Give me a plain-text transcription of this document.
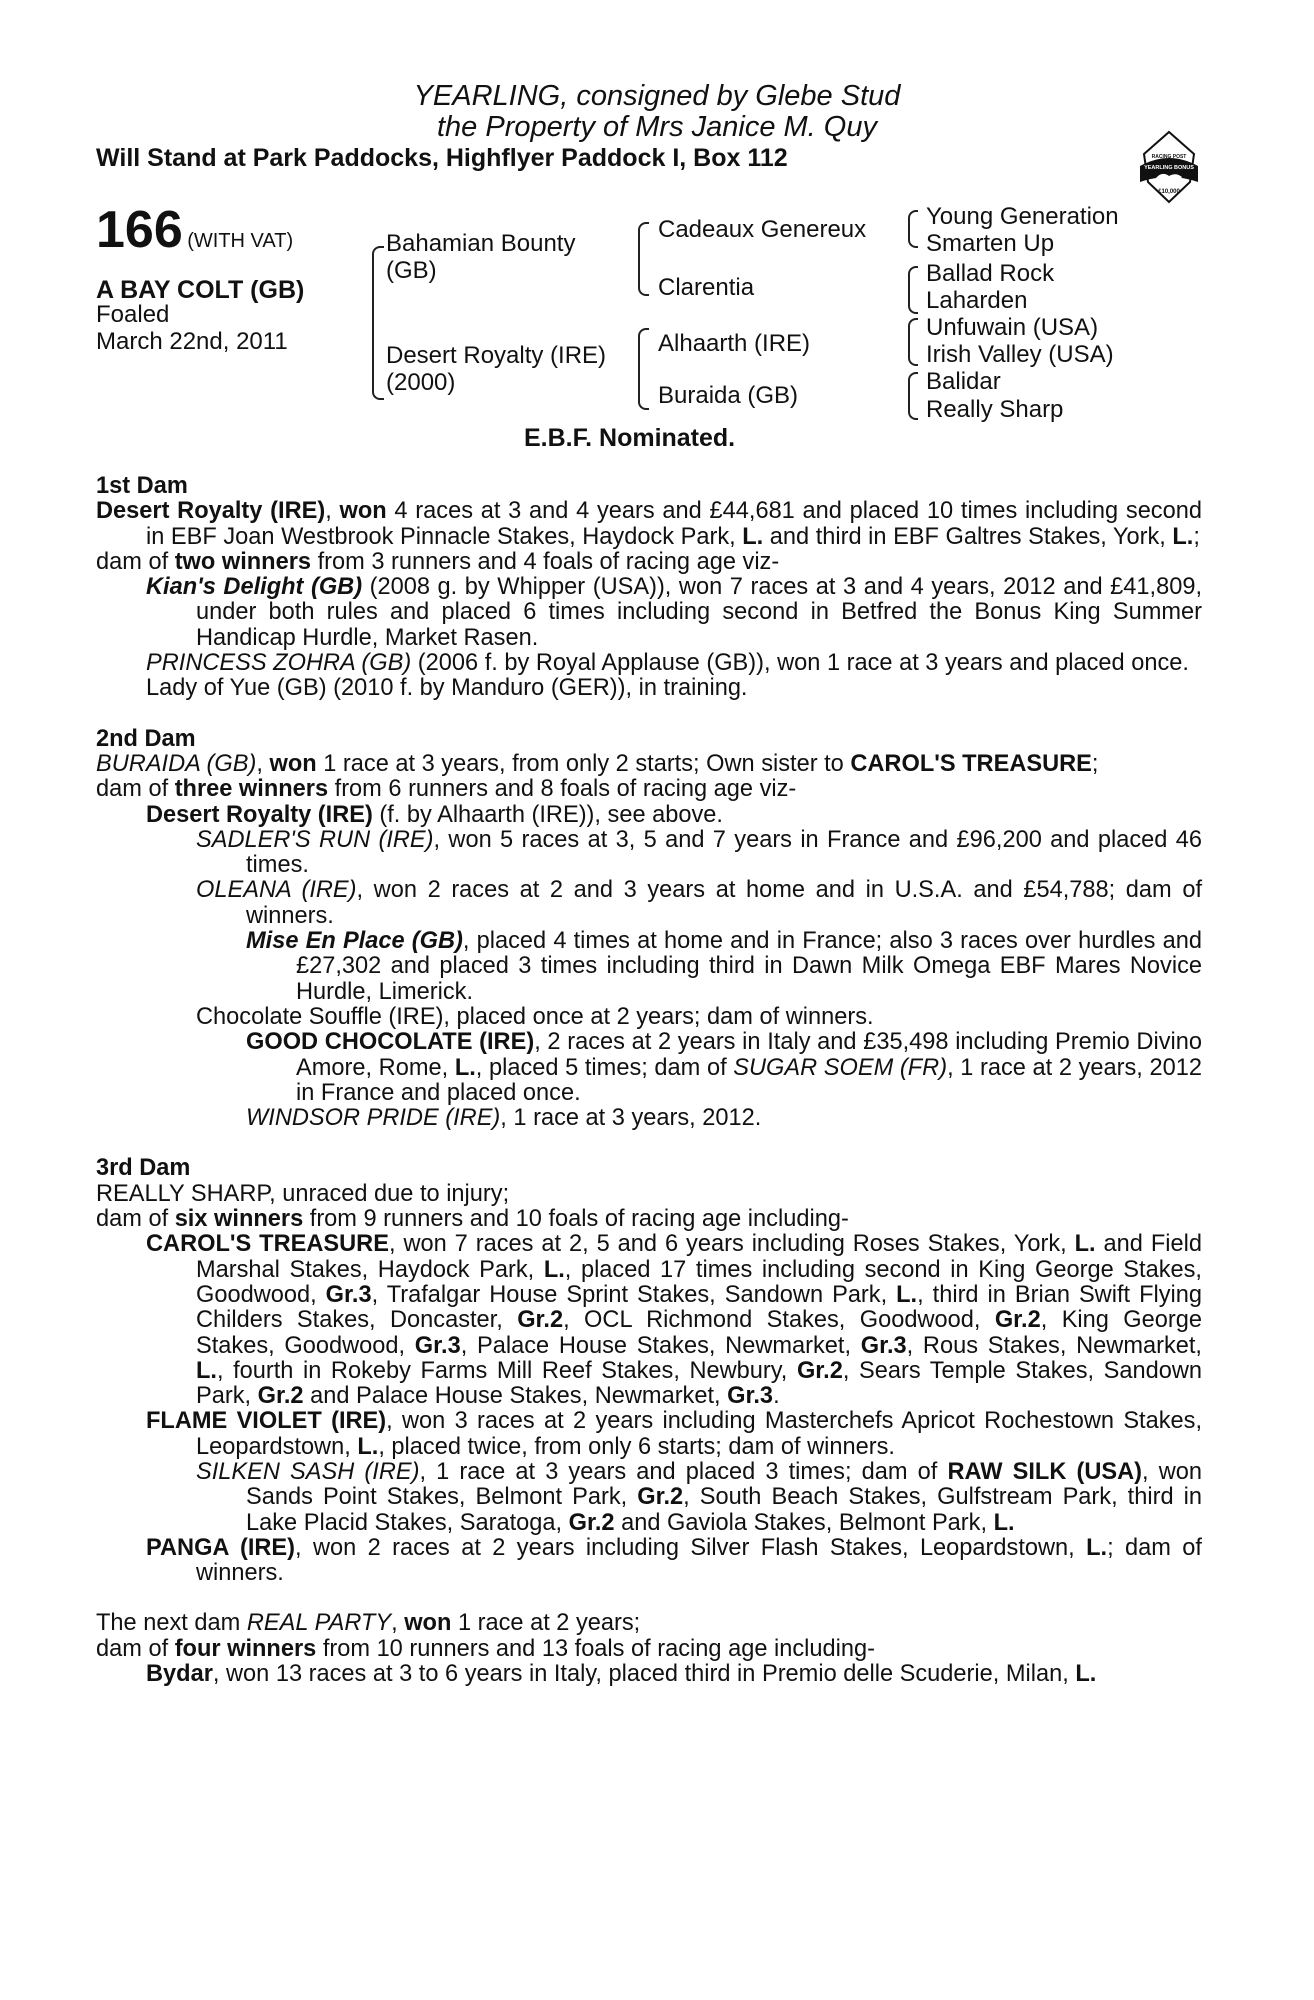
YEARLING, consigned by Glebe Stud
the Property of Mrs Janice M. Quy
Will Stand at Park Paddocks, Highflyer Paddock I, Box 112	RACING POST
YEARLING BONUS
£10,000
166 (WITH VAT)
A BAY COLT (GB)
Foaled
March 22nd, 2011
Bahamian Bounty
(GB)
Desert Royalty (IRE)
(2000)
Cadeaux Genereux
Clarentia
Alhaarth (IRE)
Buraida (GB)
Young Generation
Smarten Up
Ballad Rock
Laharden
Unfuwain (USA)
Irish Valley (USA)
Balidar
Really Sharp
E.B.F. Nominated.

1st Dam

Desert Royalty (IRE), won 4 races at 3 and 4 years and £44,681 and placed 10 times including second in EBF Joan Westbrook Pinnacle Stakes, Haydock Park, L. and third in EBF Galtres Stakes, York, L.;

dam of two winners from 3 runners and 4 foals of racing age viz-

Kian's Delight (GB) (2008 g. by Whipper (USA)), won 7 races at 3 and 4 years, 2012 and £41,809, under both rules and placed 6 times including second in Betfred the Bonus King Summer Handicap Hurdle, Market Rasen.

PRINCESS ZOHRA (GB) (2006 f. by Royal Applause (GB)), won 1 race at 3 years and placed once.

Lady of Yue (GB) (2010 f. by Manduro (GER)), in training.

2nd Dam

BURAIDA (GB), won 1 race at 3 years, from only 2 starts; Own sister to CAROL'S TREASURE;

dam of three winners from 6 runners and 8 foals of racing age viz-

Desert Royalty (IRE) (f. by Alhaarth (IRE)), see above.

SADLER'S RUN (IRE), won 5 races at 3, 5 and 7 years in France and £96,200 and placed 46 times.

OLEANA (IRE), won 2 races at 2 and 3 years at home and in U.S.A. and £54,788; dam of winners.

Mise En Place (GB), placed 4 times at home and in France; also 3 races over hurdles and £27,302 and placed 3 times including third in Dawn Milk Omega EBF Mares Novice Hurdle, Limerick.

Chocolate Souffle (IRE), placed once at 2 years; dam of winners.

GOOD CHOCOLATE (IRE), 2 races at 2 years in Italy and £35,498 including Premio Divino Amore, Rome, L., placed 5 times; dam of SUGAR SOEM (FR), 1 race at 2 years, 2012 in France and placed once.

WINDSOR PRIDE (IRE), 1 race at 3 years, 2012.

3rd Dam

REALLY SHARP, unraced due to injury;

dam of six winners from 9 runners and 10 foals of racing age including-

CAROL'S TREASURE, won 7 races at 2, 5 and 6 years including Roses Stakes, York, L. and Field Marshal Stakes, Haydock Park, L., placed 17 times including second in King George Stakes, Goodwood, Gr.3, Trafalgar House Sprint Stakes, Sandown Park, L., third in Brian Swift Flying Childers Stakes, Doncaster, Gr.2, OCL Richmond Stakes, Goodwood, Gr.2, King George Stakes, Goodwood, Gr.3, Palace House Stakes, Newmarket, Gr.3, Rous Stakes, Newmarket, L., fourth in Rokeby Farms Mill Reef Stakes, Newbury, Gr.2, Sears Temple Stakes, Sandown Park, Gr.2 and Palace House Stakes, Newmarket, Gr.3.

FLAME VIOLET (IRE), won 3 races at 2 years including Masterchefs Apricot Rochestown Stakes, Leopardstown, L., placed twice, from only 6 starts; dam of winners.

SILKEN SASH (IRE), 1 race at 3 years and placed 3 times; dam of RAW SILK (USA), won Sands Point Stakes, Belmont Park, Gr.2, South Beach Stakes, Gulfstream Park, third in Lake Placid Stakes, Saratoga, Gr.2 and Gaviola Stakes, Belmont Park, L.

PANGA (IRE), won 2 races at 2 years including Silver Flash Stakes, Leopardstown, L.; dam of winners.

The next dam REAL PARTY, won 1 race at 2 years;

dam of four winners from 10 runners and 13 foals of racing age including-

Bydar, won 13 races at 3 to 6 years in Italy, placed third in Premio delle Scuderie, Milan, L.
